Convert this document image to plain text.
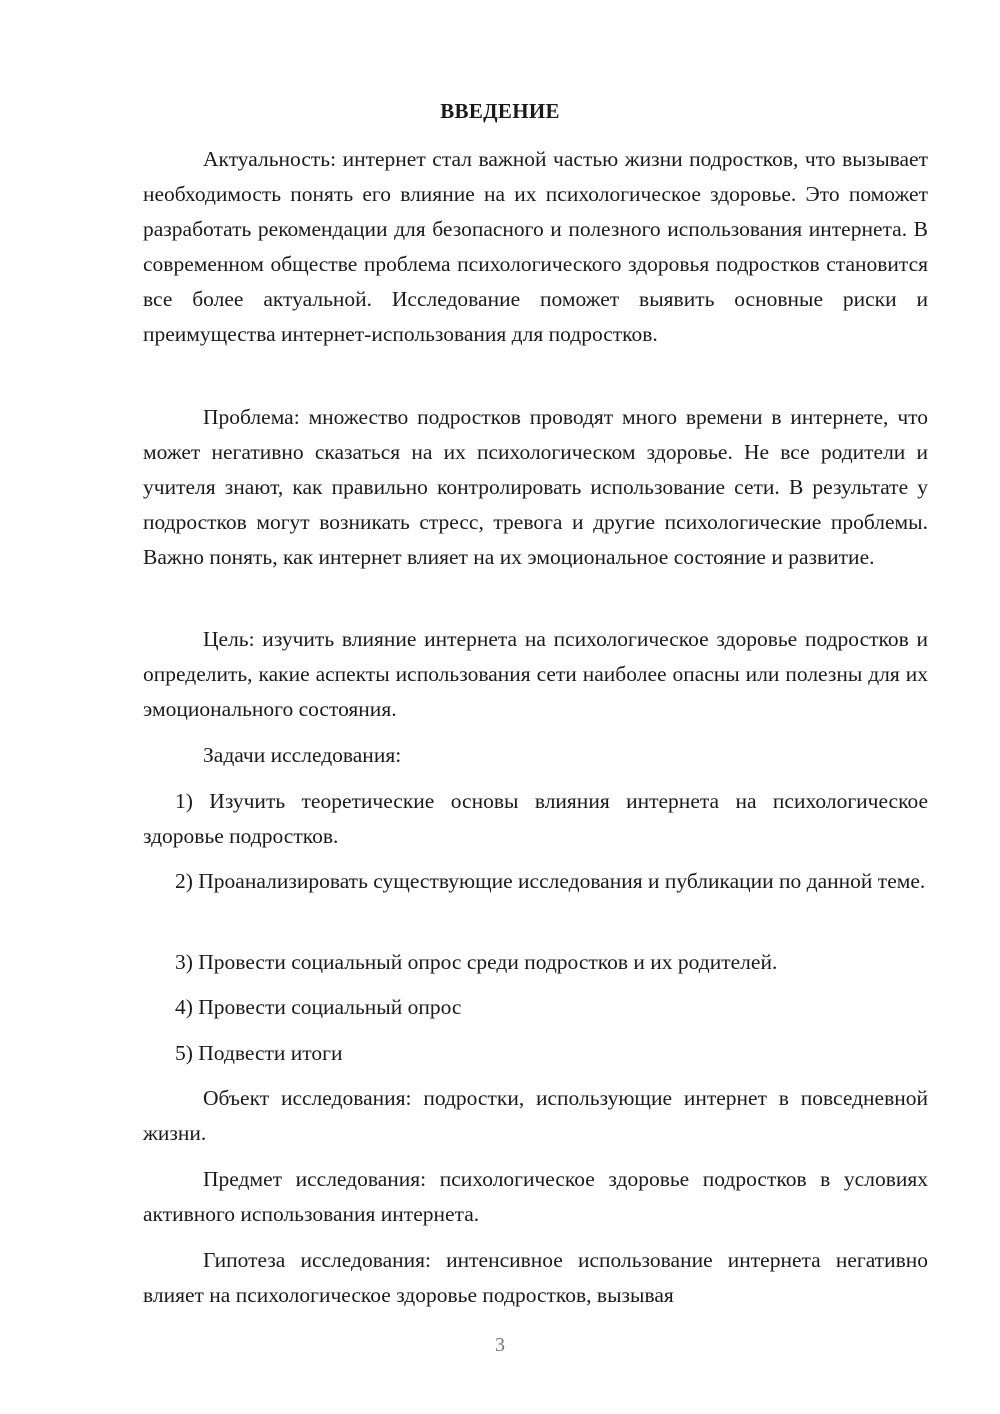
ВВЕДЕНИЕ

Актуальность: интернет стал важной частью жизни подростков, что вызывает необходимость понять его влияние на их психологическое здоровье. Это поможет разработать рекомендации для безопасного и полезного использования интернета. В современном обществе проблема психологического здоровья подростков становится все более актуальной. Исследование поможет выявить основные риски и преимущества интернет-использования для подростков.

Проблема: множество подростков проводят много времени в интернете, что может негативно сказаться на их психологическом здоровье. Не все родители и учителя знают, как правильно контролировать использование сети. В результате у подростков могут возникать стресс, тревога и другие психологические проблемы. Важно понять, как интернет влияет на их эмоциональное состояние и развитие.

Цель: изучить влияние интернета на психологическое здоровье подростков и определить, какие аспекты использования сети наиболее опасны или полезны для их эмоционального состояния.

Задачи исследования:

1) Изучить теоретические основы влияния интернета на психологическое здоровье подростков.

2) Проанализировать существующие исследования и публикации по данной теме.

3) Провести социальный опрос среди подростков и их родителей.

4) Провести социальный опрос

5) Подвести итоги

Объект исследования: подростки, использующие интернет в повседневной жизни.

Предмет исследования: психологическое здоровье подростков в условиях активного использования интернета.

Гипотеза исследования: интенсивное использование интернета негативно влияет на психологическое здоровье подростков, вызывая

3
